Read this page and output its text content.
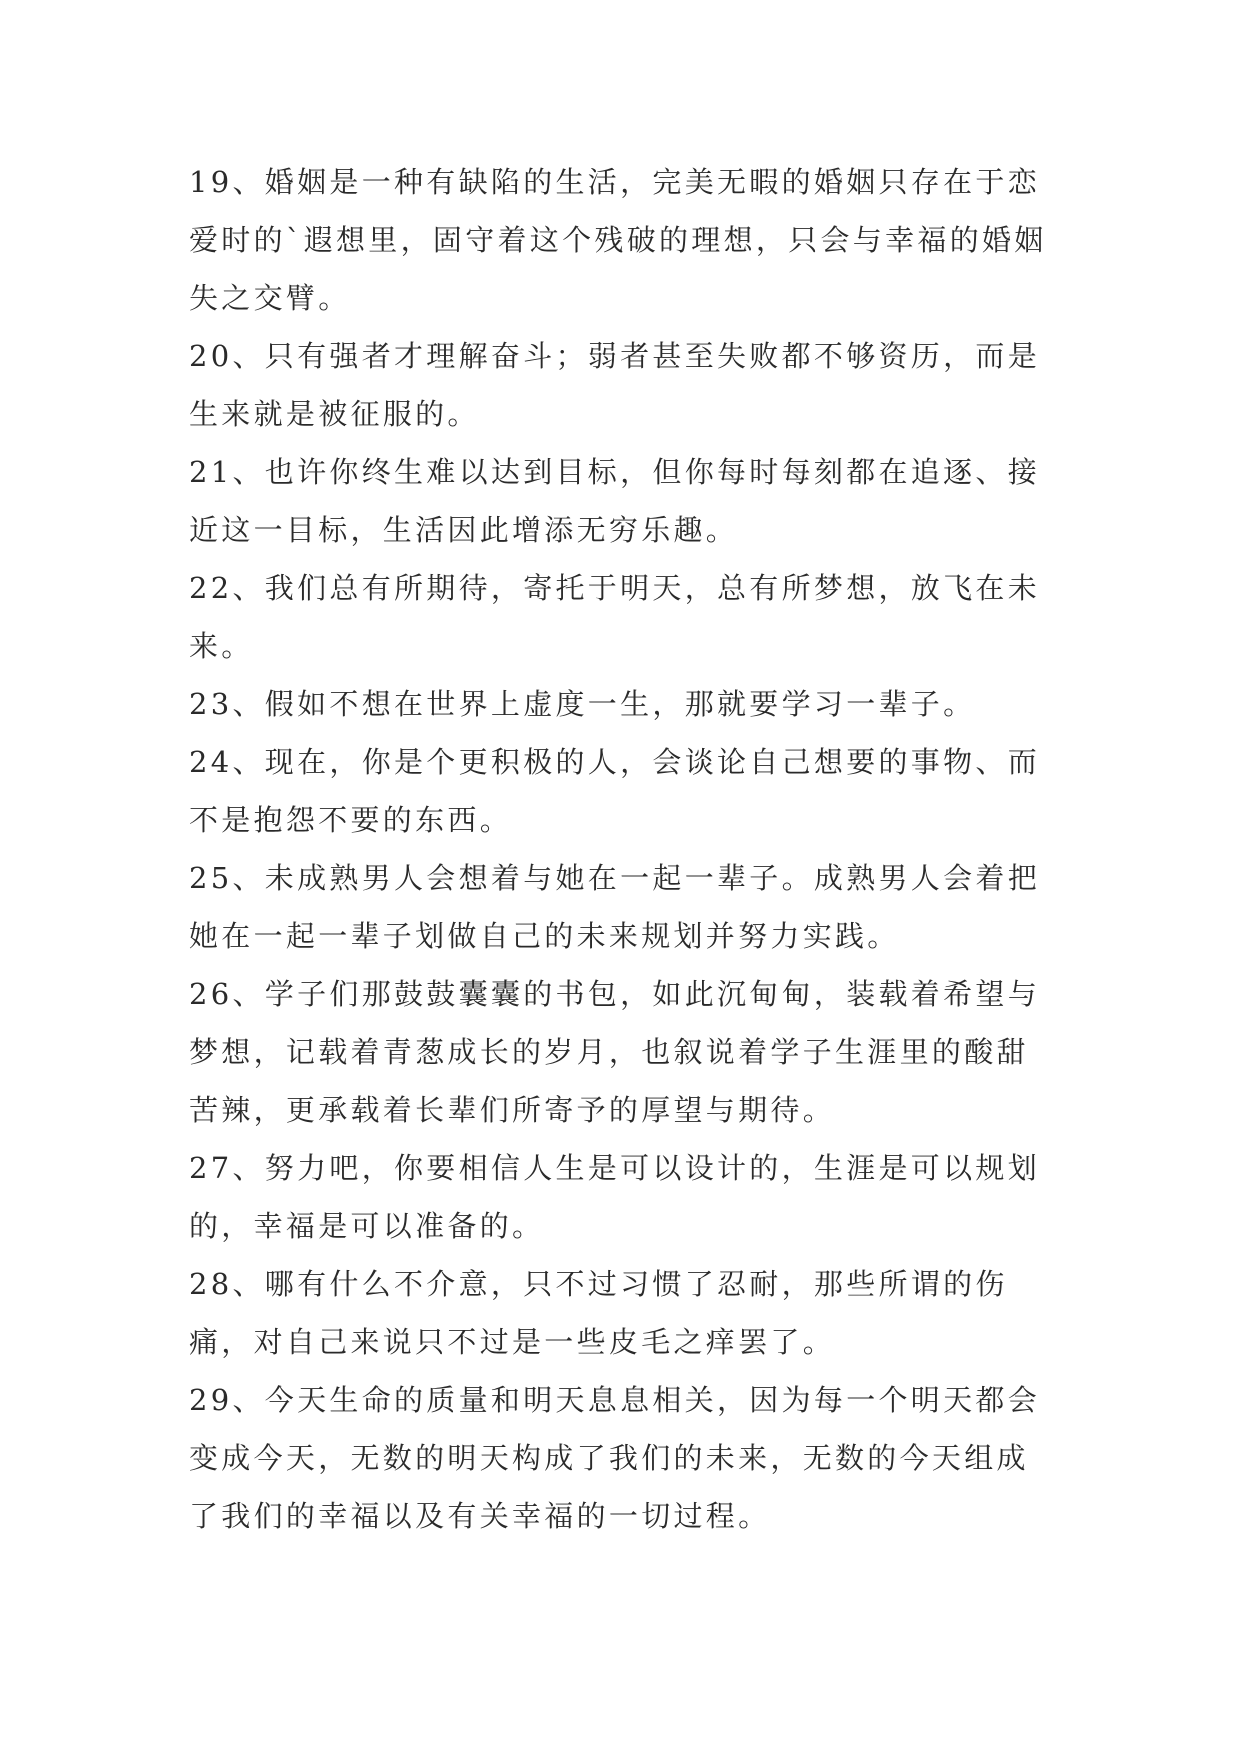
19、婚姻是一种有缺陷的生活，完美无暇的婚姻只存在于恋爱时的`遐想里，固守着这个残破的理想，只会与幸福的婚姻失之交臂。

20、只有强者才理解奋斗；弱者甚至失败都不够资历，而是生来就是被征服的。

21、也许你终生难以达到目标，但你每时每刻都在追逐、接近这一目标，生活因此增添无穷乐趣。

22、我们总有所期待，寄托于明天，总有所梦想，放飞在未来。

23、假如不想在世界上虚度一生，那就要学习一辈子。

24、现在，你是个更积极的人，会谈论自己想要的事物、而不是抱怨不要的东西。

25、未成熟男人会想着与她在一起一辈子。成熟男人会着把她在一起一辈子划做自己的未来规划并努力实践。

26、学子们那鼓鼓囊囊的书包，如此沉甸甸，装载着希望与梦想，记载着青葱成长的岁月，也叙说着学子生涯里的酸甜苦辣，更承载着长辈们所寄予的厚望与期待。

27、努力吧，你要相信人生是可以设计的，生涯是可以规划的，幸福是可以准备的。

28、哪有什么不介意，只不过习惯了忍耐，那些所谓的伤痛，对自己来说只不过是一些皮毛之痒罢了。

29、今天生命的质量和明天息息相关，因为每一个明天都会变成今天，无数的明天构成了我们的未来，无数的今天组成了我们的幸福以及有关幸福的一切过程。
